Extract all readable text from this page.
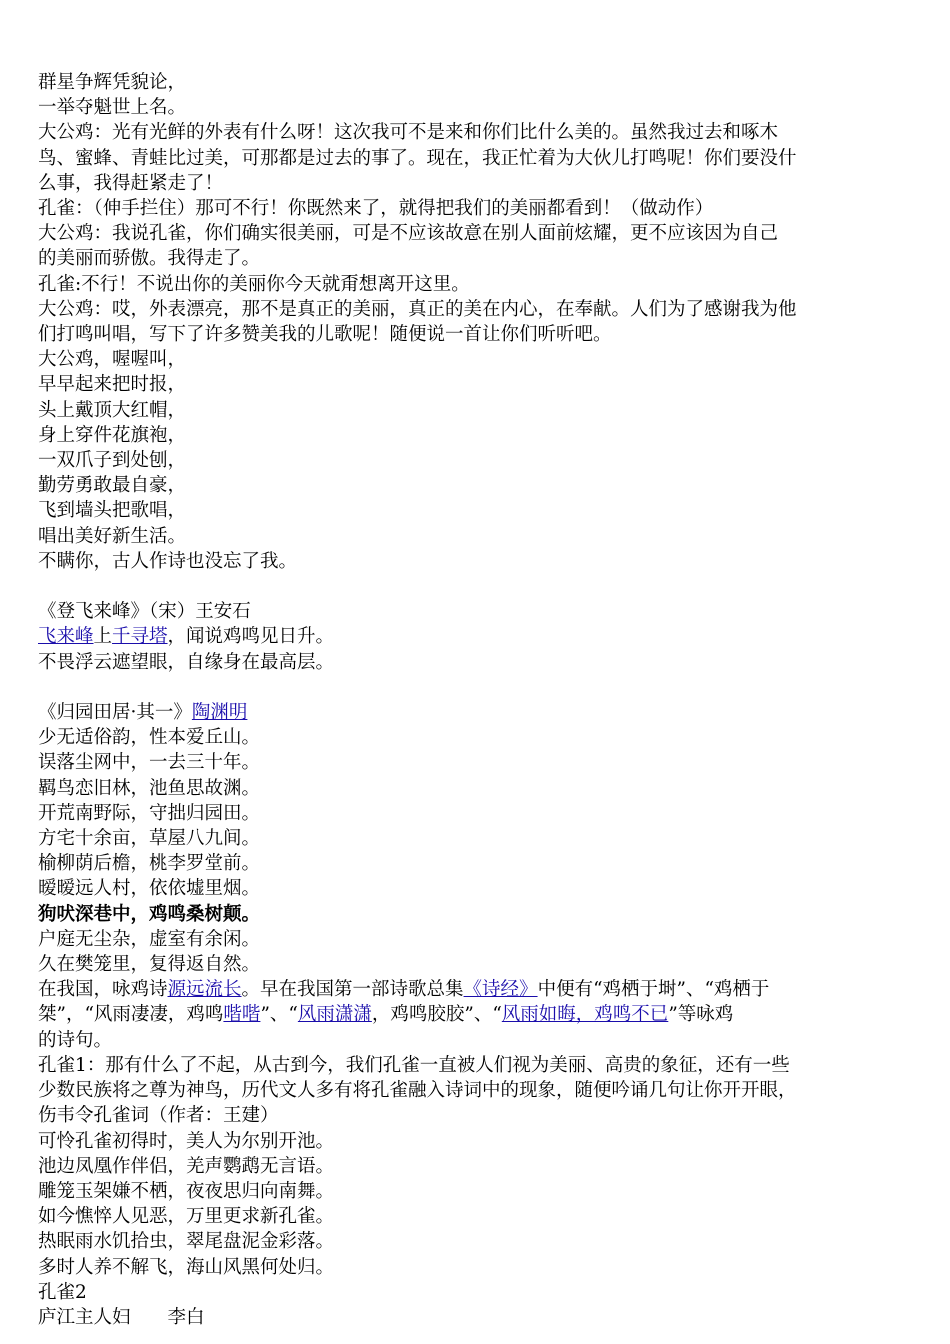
群星争辉凭貌论，
一举夺魁世上名。
大公鸡：光有光鲜的外表有什么呀！这次我可不是来和你们比什么美的。虽然我过去和啄木
鸟、蜜蜂、青蛙比过美，可那都是过去的事了。现在，我正忙着为大伙儿打鸣呢！你们要没什
么事，我得赶紧走了！
孔雀：（伸手拦住）那可不行！你既然来了，就得把我们的美丽都看到！（做动作）
大公鸡：我说孔雀，你们确实很美丽，可是不应该故意在别人面前炫耀，更不应该因为自己
的美丽而骄傲。我得走了。
孔雀:不行！不说出你的美丽你今天就甭想离开这里。
大公鸡：哎，外表漂亮，那不是真正的美丽，真正的美在内心，在奉献。人们为了感谢我为他
们打鸣叫唱，写下了许多赞美我的儿歌呢！随便说一首让你们听听吧。
大公鸡，喔喔叫，
早早起来把时报，
头上戴顶大红帽，
身上穿件花旗袍，
一双爪子到处刨，
勤劳勇敢最自豪，
飞到墙头把歌唱，
唱出美好新生活。
不瞒你，古人作诗也没忘了我。
《登飞来峰》（宋）王安石
飞来峰上千寻塔，闻说鸡鸣见日升。
不畏浮云遮望眼，自缘身在最高层。
《归园田居·其一》陶渊明
少无适俗韵，性本爱丘山。
误落尘网中，一去三十年。
羁鸟恋旧林，池鱼思故渊。
开荒南野际，守拙归园田。
方宅十余亩，草屋八九间。
榆柳荫后檐，桃李罗堂前。
暧暧远人村，依依墟里烟。
狗吠深巷中，鸡鸣桑树颠。
户庭无尘杂，虚室有余闲。
久在樊笼里，复得返自然。
在我国，咏鸡诗源远流长。早在我国第一部诗歌总集《诗经》中便有“鸡栖于埘”、“鸡栖于
桀”，“风雨凄凄，鸡鸣喈喈”、“风雨潇潇，鸡鸣胶胶”、“风雨如晦，鸡鸣不已”等咏鸡
的诗句。
孔雀1：那有什么了不起，从古到今，我们孔雀一直被人们视为美丽、高贵的象征，还有一些
少数民族将之尊为神鸟，历代文人多有将孔雀融入诗词中的现象，随便吟诵几句让你开开眼，
伤韦令孔雀词（作者：王建）
可怜孔雀初得时，美人为尔别开池。
池边凤凰作伴侣，羌声鹦鹉无言语。
雕笼玉架嫌不栖，夜夜思归向南舞。
如今憔悴人见恶，万里更求新孔雀。
热眠雨水饥拾虫，翠尾盘泥金彩落。
多时人养不解飞，海山风黑何处归。
孔雀2
庐江主人妇　　李白
